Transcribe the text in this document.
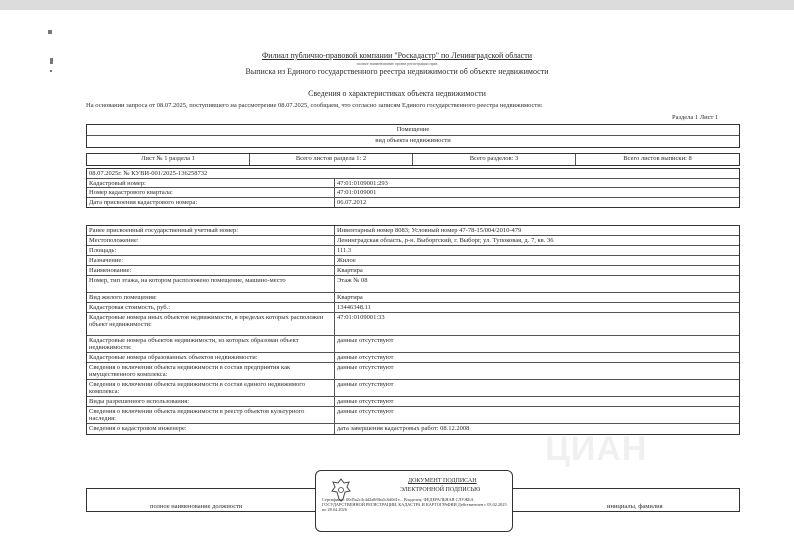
Филиал публично-правовой компании "Роскадастр" по Ленинградской области
полное наименование органа регистрации прав
Выписка из Единого государственного реестра недвижимости об объекте недвижимости
Сведения о характеристиках объекта недвижимости
На основании запроса от 08.07.2025, поступившего на рассмотрение 08.07.2025, сообщаем, что согласно записям Единого государственного реестра недвижимости:
Раздела 1 Лист 1
Помещение
вид объекта недвижимости
Лист № 1 раздела 1	Всего листов раздела 1: 2	Всего разделов: 3	Всего листов выписки: 8
08.07.2025г. № КУВИ-001/2025-136258732
Кадастровый номер:	47:01:0109001:293
Номер кадастрового квартала:	47:01:0109001
Дата присвоения кадастрового номера:	06.07.2012
Ранее присвоенный государственный учетный номер:	Инвентарный номер 8083; Условный номер 47-78-15/004/2010-479
Местоположение:	Ленинградская область, р-н. Выборгский, г. Выборг, ул. Тупоковая, д. 7, кв. 36
Площадь:	111.3
Назначение:	Жилое
Наименование:	Квартира
Номер, тип этажа, на котором расположено помещение, машино-место	Этаж № 08
Вид жилого помещения:	Квартира
Кадастровая стоимость, руб.:	13446348.11
Кадастровые номера иных объектов недвижимости, в пределах которых расположен объект недвижимости:
47:01:0109001:33
Кадастровые номера объектов недвижимости, из которых образован объект недвижимости:
данные отсутствуют
Кадастровые номера образованных объектов недвижимости:	данные отсутствуют
Сведения о включении объекта недвижимости в состав предприятия как имущественного комплекса:
данные отсутствуют
Сведения о включении объекта недвижимости в состав единого недвижимого комплекса:
данные отсутствуют
Виды разрешенного использования:	данные отсутствуют
Сведения о включении объекта недвижимости в реестр объектов культурного наследия:
данные отсутствуют
Сведения о кадастровом инженере:	дата завершения кадастровых работ: 08.12.2008
ЦИАН
полное наименование должности	инициалы, фамилия
ДОКУМЕНТ ПОДПИСАН
ЭЛЕКТРОННОЙ ПОДПИСЬЮ
Сертификат: 00d5a2c4c4d2a8f0ba5c6d0d1e... Владелец: ФЕДЕРАЛЬНАЯ СЛУЖБА ГОСУДАРСТВЕННОЙ РЕГИСТРАЦИИ, КАДАСТРА И КАРТОГРАФИИ Действителен с 03.02.2025 по 28.04.2026
